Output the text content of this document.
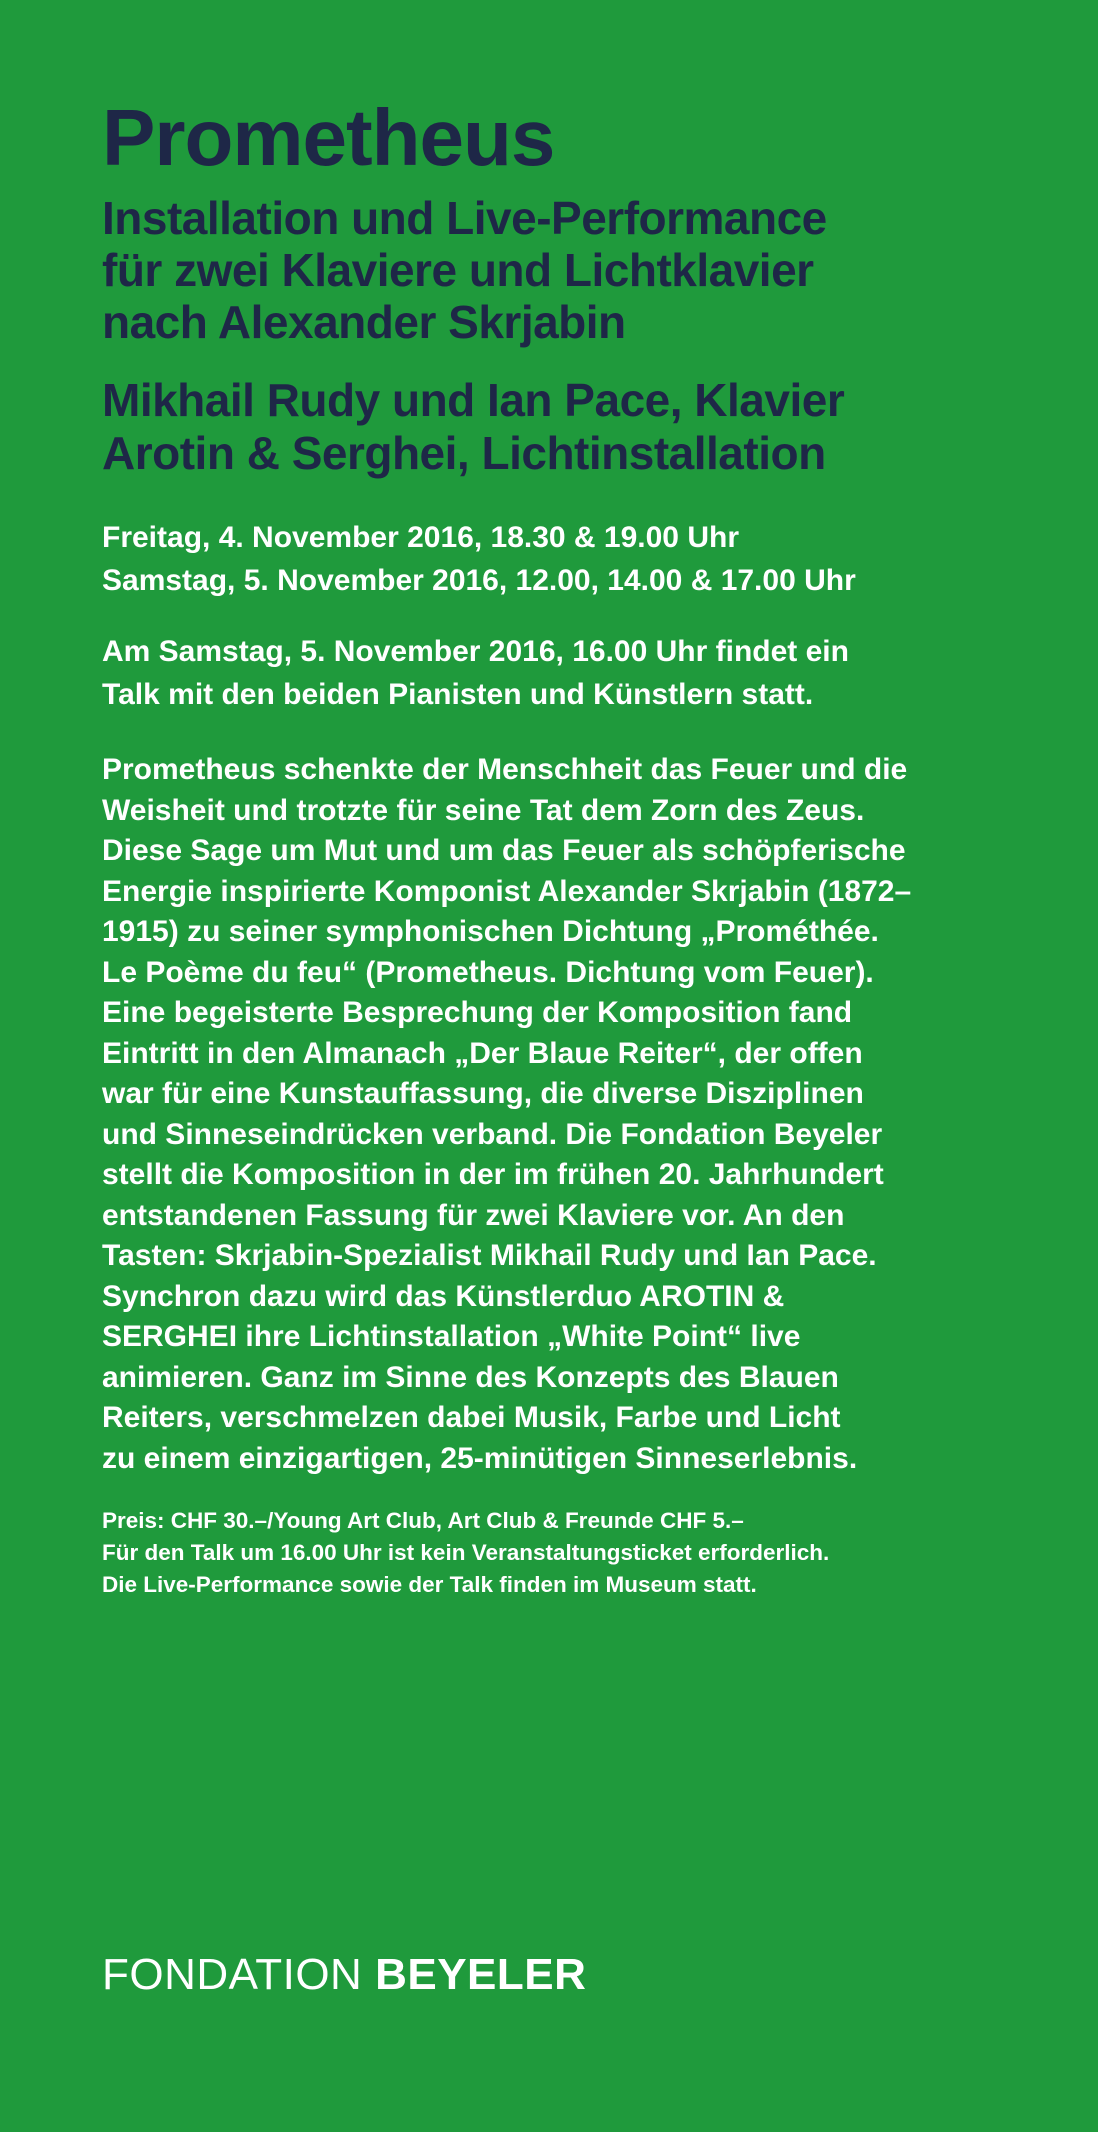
Prometheus
Installation und Live-Performance
für zwei Klaviere und Lichtklavier
nach Alexander Skrjabin
Mikhail Rudy und Ian Pace, Klavier
Arotin & Serghei, Lichtinstallation
Freitag, 4. November 2016, 18.30 & 19.00 Uhr
Samstag, 5. November 2016, 12.00, 14.00 & 17.00 Uhr
Am Samstag, 5. November 2016, 16.00 Uhr findet ein
Talk mit den beiden Pianisten und Künstlern statt.
Prometheus schenkte der Menschheit das Feuer und die
Weisheit und trotzte für seine Tat dem Zorn des Zeus.
Diese Sage um Mut und um das Feuer als schöpferische
Energie inspirierte Komponist Alexander Skrjabin (1872–
1915) zu seiner symphonischen Dichtung „Prométhée.
Le Poème du feu“ (Prometheus. Dichtung vom Feuer).
Eine begeisterte Besprechung der Komposition fand
Eintritt in den Almanach „Der Blaue Reiter“, der offen
war für eine Kunstauffassung, die diverse Disziplinen
und Sinneseindrücken verband. Die Fondation Beyeler
stellt die Komposition in der im frühen 20. Jahrhundert
entstandenen Fassung für zwei Klaviere vor. An den
Tasten: Skrjabin-Spezialist Mikhail Rudy und Ian Pace.
Synchron dazu wird das Künstlerduo AROTIN &
SERGHEI ihre Lichtinstallation „White Point“ live
animieren. Ganz im Sinne des Konzepts des Blauen
Reiters, verschmelzen dabei Musik, Farbe und Licht
zu einem einzigartigen, 25-minütigen Sinneserlebnis.
Preis: CHF 30.–/Young Art Club, Art Club & Freunde CHF 5.–
Für den Talk um 16.00 Uhr ist kein Veranstaltungsticket erforderlich.
Die Live-Performance sowie der Talk finden im Museum statt.
FONDATION BEYELER
